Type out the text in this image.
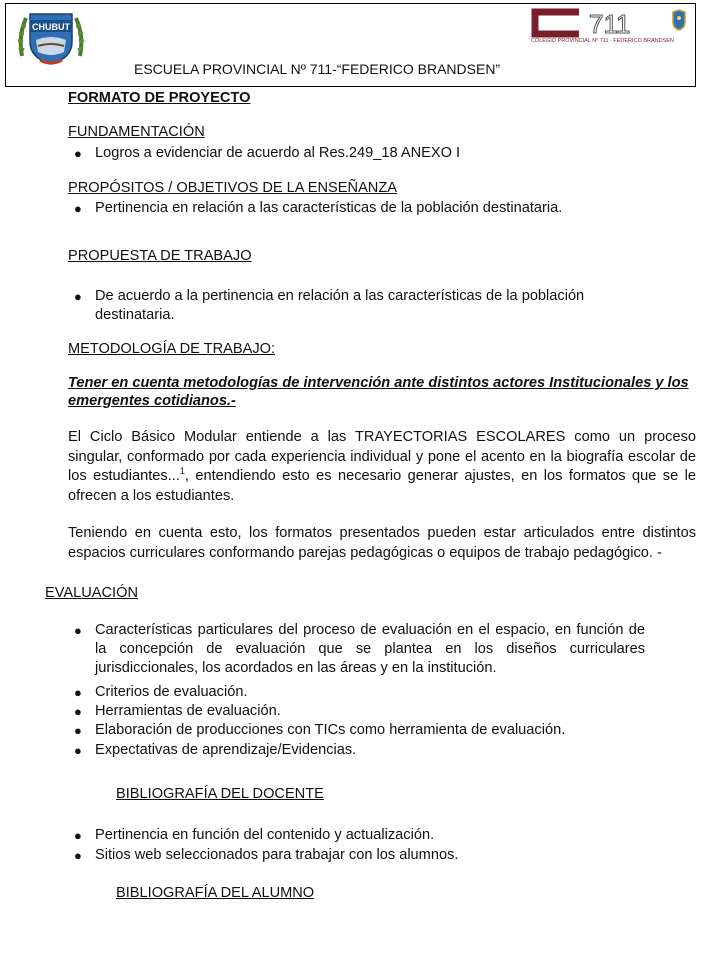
CHUBUT	711
COLEGIO PROVINCIAL Nº 711 · FEDERICO BRANDSEN
ESCUELA PROVINCIAL Nº 711-“FEDERICO BRANDSEN”
FORMATO DE PROYECTO
FUNDAMENTACIÓN
● Logros a evidenciar de acuerdo al Res.249_18 ANEXO I
PROPÓSITOS / OBJETIVOS DE LA ENSEÑANZA
● Pertinencia en relación a las características de la población destinataria.
PROPUESTA DE TRABAJO
● De acuerdo a la pertinencia en relación a las características de la población destinataria.
METODOLOGÍA DE TRABAJO:
Tener en cuenta metodologías de intervención ante distintos actores Institucionales y los emergentes cotidianos.-
El Ciclo Básico Modular entiende a las TRAYECTORIAS ESCOLARES como un proceso singular, conformado por cada experiencia individual y pone el acento en la biografía escolar de los estudiantes...$^1$, entendiendo esto es necesario generar ajustes, en los formatos que se le ofrecen a los estudiantes.
Teniendo en cuenta esto, los formatos presentados pueden estar articulados entre distintos espacios curriculares conformando parejas pedagógicas o equipos de trabajo pedagógico. -
EVALUACIÓN
● Características particulares del proceso de evaluación en el espacio, en función de la concepción de evaluación que se plantea en los diseños curriculares jurisdiccionales, los acordados en las áreas y en la institución.
● Criterios de evaluación.
● Herramientas de evaluación.
● Elaboración de producciones con TICs como herramienta de evaluación.
● Expectativas de aprendizaje/Evidencias.
BIBLIOGRAFÍA DEL DOCENTE
● Pertinencia en función del contenido y actualización.
● Sitios web seleccionados para trabajar con los alumnos.
BIBLIOGRAFÍA DEL ALUMNO
